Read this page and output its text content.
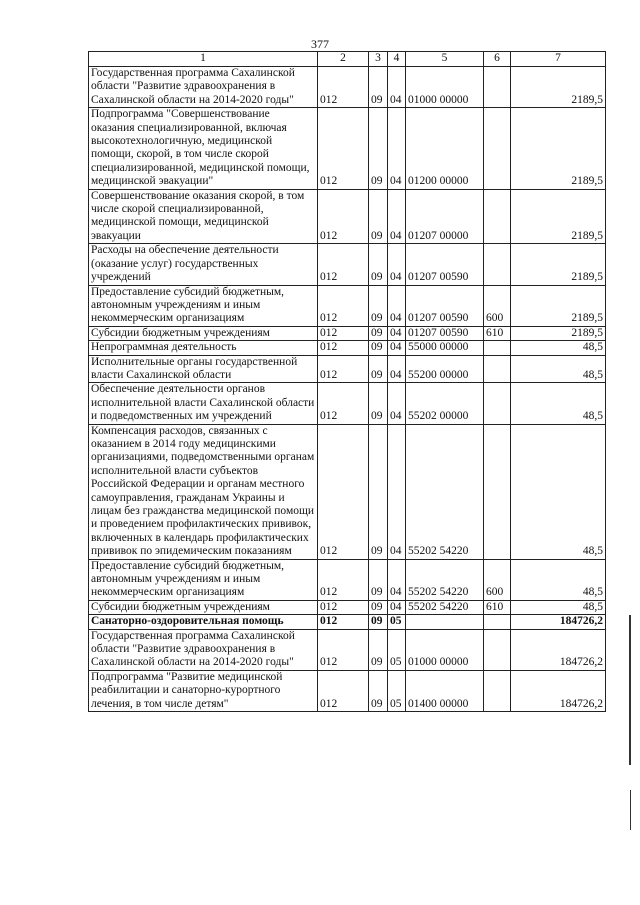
377
1	2	3	4	5	6	7
Государственная программа Сахалинской области "Развитие здравоохранения в Сахалинской области на 2014-2020 годы"	012	09	04	01000 00000		2189,5
Подпрограмма "Совершенствование оказания специализированной, включая высокотехнологичную, медицинской помощи, скорой, в том числе скорой специализированной, медицинской помощи, медицинской эвакуации"	012	09	04	01200 00000		2189,5
Совершенствование оказания скорой, в том числе скорой специализированной, медицинской помощи, медицинской эвакуации	012	09	04	01207 00000		2189,5
Расходы на обеспечение деятельности (оказание услуг) государственных учреждений	012	09	04	01207 00590		2189,5
Предоставление субсидий бюджетным, автономным учреждениям и иным некоммерческим организациям	012	09	04	01207 00590	600	2189,5
Субсидии бюджетным учреждениям	012	09	04	01207 00590	610	2189,5
Непрограммная деятельность	012	09	04	55000 00000		48,5
Исполнительные органы государственной власти Сахалинской области	012	09	04	55200 00000		48,5
Обеспечение деятельности органов исполнительной власти Сахалинской области и подведомственных им учреждений	012	09	04	55202 00000		48,5
Компенсация расходов, связанных с оказанием в 2014 году медицинскими организациями, подведомственными органам исполнительной власти субъектов Российской Федерации и органам местного самоуправления, гражданам Украины и лицам без гражданства медицинской помощи и проведением профилактических прививок, включенных в календарь профилактических прививок по эпидемическим показаниям	012	09	04	55202 54220		48,5
Предоставление субсидий бюджетным, автономным учреждениям и иным некоммерческим организациям	012	09	04	55202 54220	600	48,5
Субсидии бюджетным учреждениям	012	09	04	55202 54220	610	48,5
Санаторно-оздоровительная помощь	012	09	05			184726,2
Государственная программа Сахалинской области "Развитие здравоохранения в Сахалинской области на 2014-2020 годы"	012	09	05	01000 00000		184726,2
Подпрограмма "Развитие медицинской реабилитации и санаторно-курортного лечения, в том числе детям"	012	09	05	01400 00000		184726,2
